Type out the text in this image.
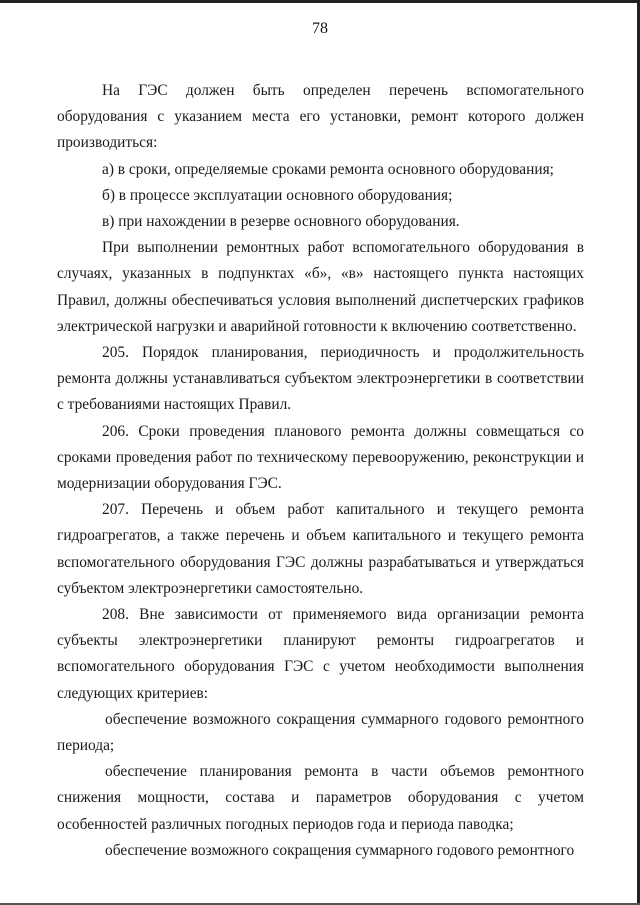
78

На ГЭС должен быть определен перечень вспомогательного оборудования с указанием места его установки, ремонт которого должен производиться:

а) в сроки, определяемые сроками ремонта основного оборудования;

б) в процессе эксплуатации основного оборудования;

в) при нахождении в резерве основного оборудования.

При выполнении ремонтных работ вспомогательного оборудования в случаях, указанных в подпунктах «б», «в» настоящего пункта настоящих Правил, должны обеспечиваться условия выполнений диспетчерских графиков электрической нагрузки и аварийной готовности к включению соответственно.

205. Порядок планирования, периодичность и продолжительность ремонта должны устанавливаться субъектом электроэнергетики в соответствии с требованиями настоящих Правил.

206. Сроки проведения планового ремонта должны совмещаться со сроками проведения работ по техническому перевооружению, реконструкции и модернизации оборудования ГЭС.

207. Перечень и объем работ капитального и текущего ремонта гидроагрегатов, а также перечень и объем капитального и текущего ремонта вспомогательного оборудования ГЭС должны разрабатываться и утверждаться субъектом электроэнергетики самостоятельно.

208. Вне зависимости от применяемого вида организации ремонта субъекты электроэнергетики планируют ремонты гидроагрегатов и вспомогательного оборудования ГЭС с учетом необходимости выполнения следующих критериев:

обеспечение возможного сокращения суммарного годового ремонтного периода;

обеспечение планирования ремонта в части объемов ремонтного снижения мощности, состава и параметров оборудования с учетом особенностей различных погодных периодов года и периода паводка;

обеспечение возможного сокращения суммарного годового ремонтного
